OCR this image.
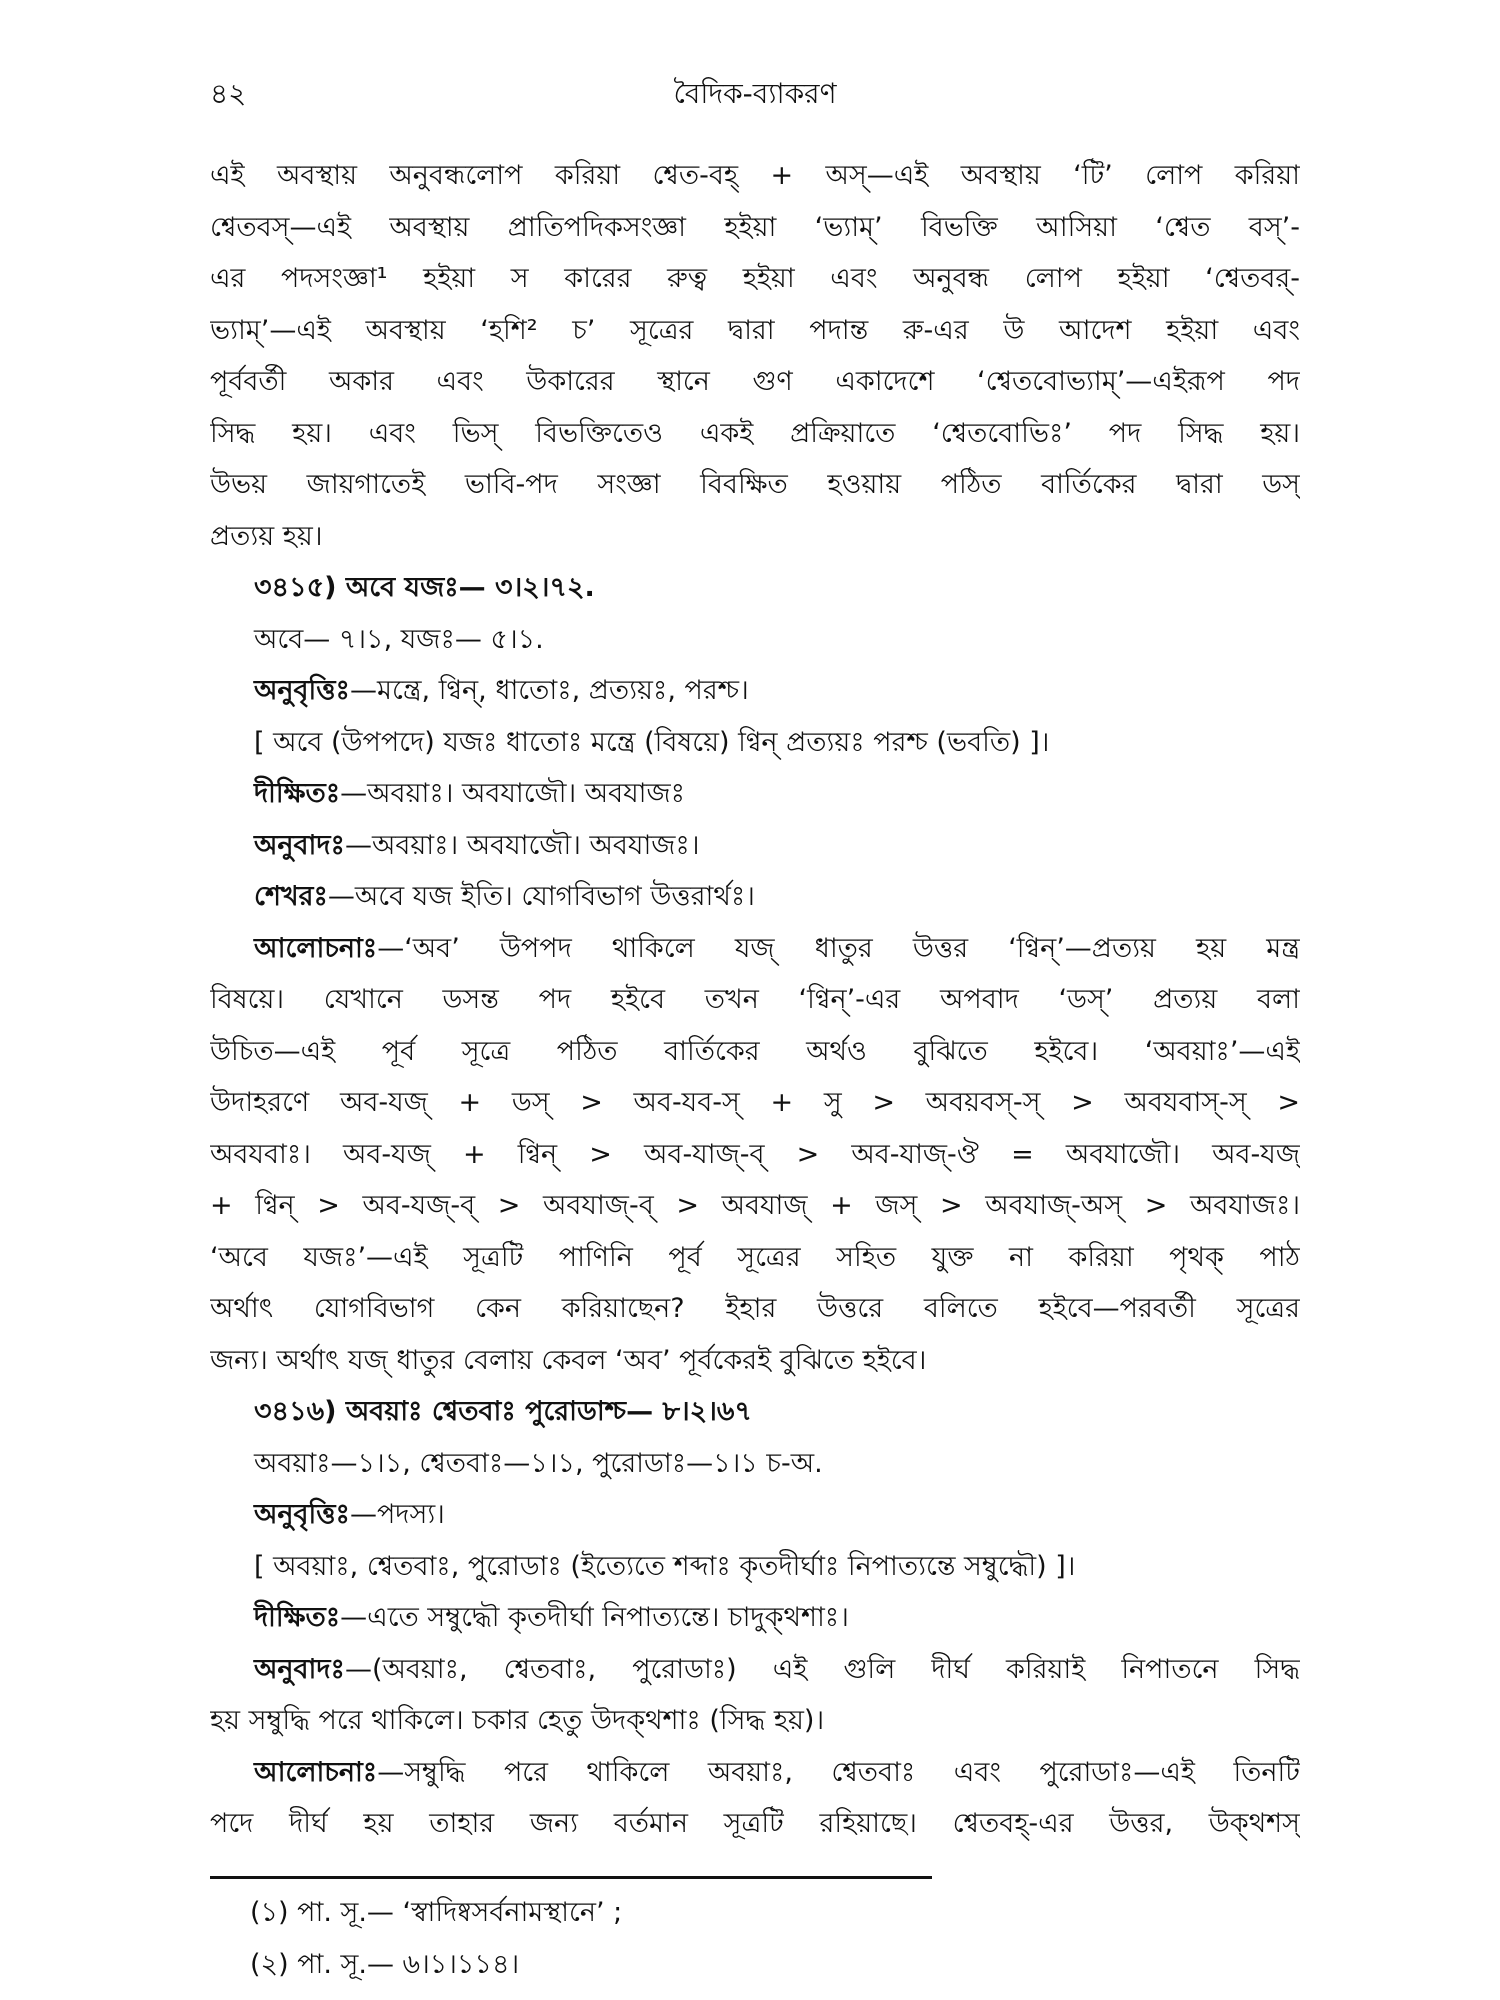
৪২	বৈদিক-ব্যাকরণ
এই অবস্থায় অনুবন্ধলোপ করিয়া শ্বেত-বহ্ + অস্—এই অবস্থায় ‘টি’ লোপ করিয়া
শ্বেতবস্—এই অবস্থায় প্রাতিপদিকসংজ্ঞা হইয়া ‘ভ্যাম্’ বিভক্তি আসিয়া ‘শ্বেত বস্’-
এর পদসংজ্ঞা¹ হইয়া স কারের রুত্ব হইয়া এবং অনুবন্ধ লোপ হইয়া ‘শ্বেতবর্-
ভ্যাম্’—এই অবস্থায় ‘হশি² চ’ সূত্রের দ্বারা পদান্ত রু-এর উ আদেশ হইয়া এবং
পূর্ববর্তী অকার এবং উকারের স্থানে গুণ একাদেশে ‘শ্বেতবোভ্যাম্’—এইরূপ পদ
সিদ্ধ হয়। এবং ভিস্ বিভক্তিতেও একই প্রক্রিয়াতে ‘শ্বেতবোভিঃ’ পদ সিদ্ধ হয়।
উভয় জায়গাতেই ভাবি-পদ সংজ্ঞা বিবক্ষিত হওয়ায় পঠিত বার্তিকের দ্বারা ডস্
প্রত্যয় হয়।
৩৪১৫) অবে যজঃ— ৩।২।৭২.
অবে— ৭।১, যজঃ— ৫।১.
অনুবৃত্তিঃ—মন্ত্রে, ণ্বিন্, ধাতোঃ, প্রত্যয়ঃ, পরশ্চ।
[ অবে (উপপদে) যজঃ ধাতোঃ মন্ত্রে (বিষয়ে) ণ্বিন্ প্রত্যয়ঃ পরশ্চ (ভবতি) ]।
দীক্ষিতঃ—অবয়াঃ। অবযাজৌ। অবযাজঃ
অনুবাদঃ—অবয়াঃ। অবযাজৌ। অবযাজঃ।
শেখরঃ—অবে যজ ইতি। যোগবিভাগ উত্তরার্থঃ।
আলোচনাঃ—‘অব’ উপপদ থাকিলে যজ্ ধাতুর উত্তর ‘ণ্বিন্’—প্রত্যয় হয় মন্ত্র
বিষয়ে। যেখানে ডসন্ত পদ হইবে তখন ‘ণ্বিন্’-এর অপবাদ ‘ডস্’ প্রত্যয় বলা
উচিত—এই পূর্ব সূত্রে পঠিত বার্তিকের অর্থও বুঝিতে হইবে। ‘অবয়াঃ’—এই
উদাহরণে অব-যজ্ + ডস্ > অব-যব-স্ + সু > অবয়বস্-স্ > অবযবাস্-স্ >
অবযবাঃ। অব-যজ্ + ণ্বিন্ > অব-যাজ্-ব্ > অব-যাজ্-ঔ = অবযাজৌ। অব-যজ্
+ ণ্বিন্ > অব-যজ্-ব্ > অবযাজ্-ব্ > অবযাজ্ + জস্ > অবযাজ্-অস্ > অবযাজঃ।
‘অবে যজঃ’—এই সূত্রটি পাণিনি পূর্ব সূত্রের সহিত যুক্ত না করিয়া পৃথক্ পাঠ
অর্থাৎ যোগবিভাগ কেন করিয়াছেন? ইহার উত্তরে বলিতে হইবে—পরবর্তী সূত্রের
জন্য। অর্থাৎ যজ্ ধাতুর বেলায় কেবল ‘অব’ পূর্বকেরই বুঝিতে হইবে।
৩৪১৬) অবয়াঃ শ্বেতবাঃ পুরোডাশ্চ— ৮।২।৬৭
অবয়াঃ—১।১, শ্বেতবাঃ—১।১, পুরোডাঃ—১।১ চ-অ.
অনুবৃত্তিঃ—পদস্য।
[ অবয়াঃ, শ্বেতবাঃ, পুরোডাঃ (ইত্যেতে শব্দাঃ কৃতদীর্ঘাঃ নিপাত্যন্তে সম্বুদ্ধৌ) ]।
দীক্ষিতঃ—এতে সম্বুদ্ধৌ কৃতদীর্ঘা নিপাত্যন্তে। চাদুক্থশাঃ।
অনুবাদঃ—(অবয়াঃ, শ্বেতবাঃ, পুরোডাঃ) এই গুলি দীর্ঘ করিয়াই নিপাতনে সিদ্ধ
হয় সম্বুদ্ধি পরে থাকিলে। চকার হেতু উদক্থশাঃ (সিদ্ধ হয়)।
আলোচনাঃ—সম্বুদ্ধি পরে থাকিলে অবয়াঃ, শ্বেতবাঃ এবং পুরোডাঃ—এই তিনটি
পদে দীর্ঘ হয় তাহার জন্য বর্তমান সূত্রটি রহিয়াছে। শ্বেতবহ্-এর উত্তর, উক্থশস্
(১) পা. সূ.— ‘স্বাদিষ্বসর্বনামস্থানে’ ;
(২) পা. সূ.— ৬।১।১১৪।
